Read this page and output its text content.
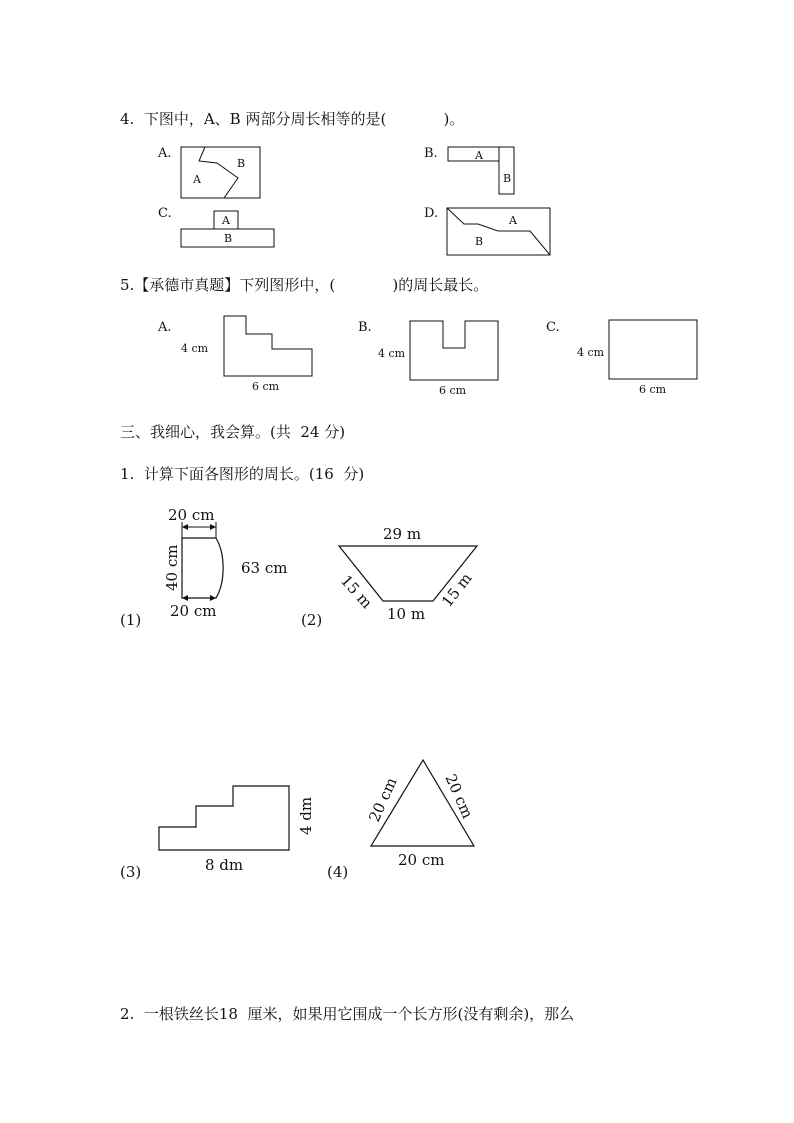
4.  下图中，A、B 两部分周长相等的是(            )。
A.	B.
C.	D.
A
B
A
B
A
B
A
B
20 cm
20 cm
63 cm
40 cm
29 m
10 m
15 m	15 m
8 dm
4 dm
20 cm
20 cm	20 cm
5.【承德市真题】下列图形中，(            )的周长最长。
A.
4 cm
6 cm
B.
4 cm
6 cm
C.
4 cm
6 cm
三、我细心，我会算。(共  24 分)
1.  计算下面各图形的周长。(16  分)
(1)	(2)
(3)	(4)
2.  一根铁丝长18  厘米，如果用它围成一个长方形(没有剩余)，那么
